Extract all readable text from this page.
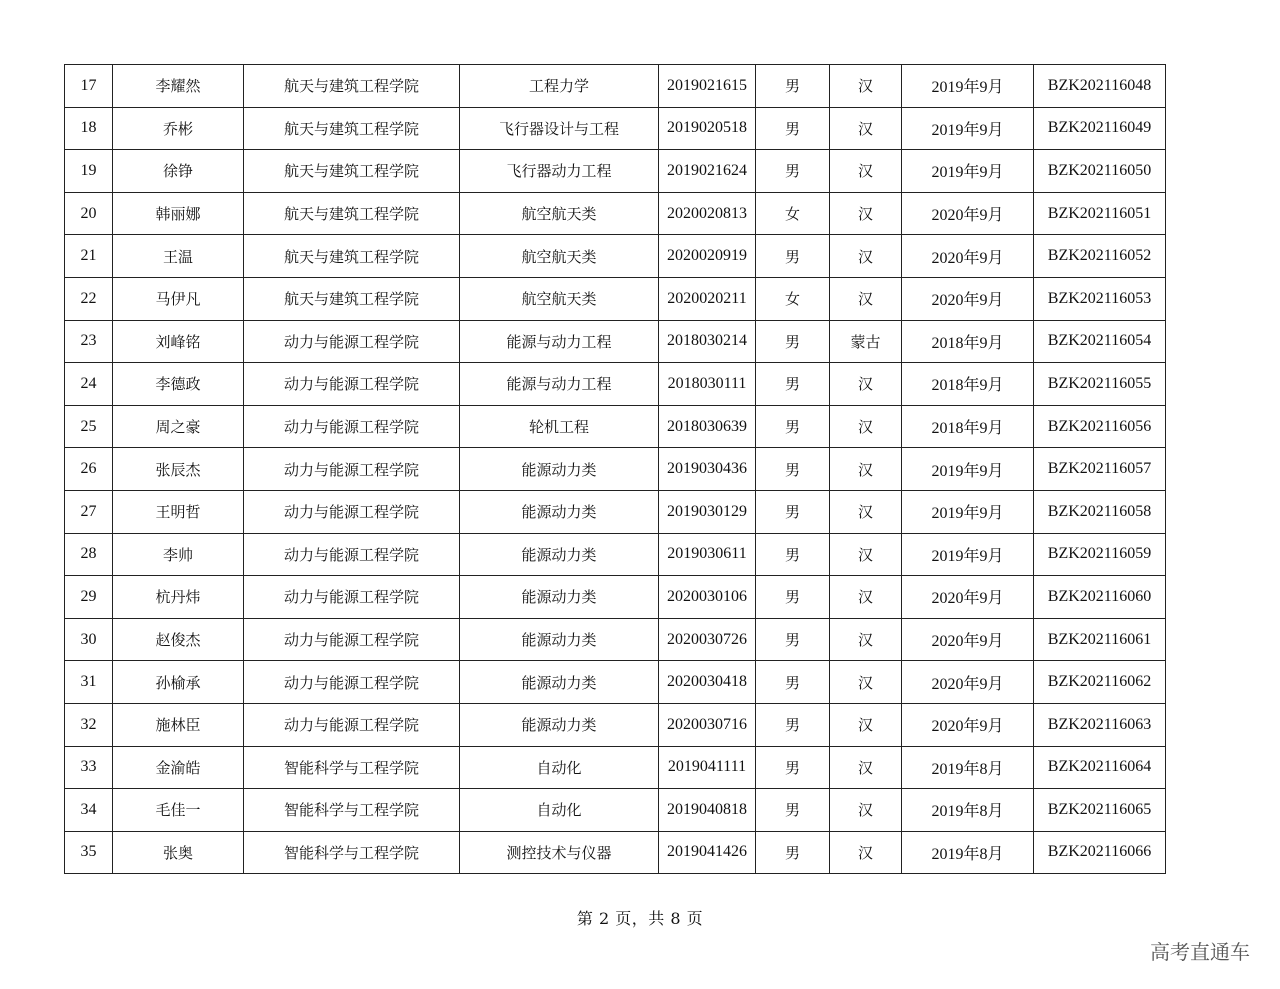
17	李耀然	航天与建筑工程学院	工程力学	2019021615	男	汉	2019年9月	BZK202116048
18	乔彬	航天与建筑工程学院	飞行器设计与工程	2019020518	男	汉	2019年9月	BZK202116049
19	徐铮	航天与建筑工程学院	飞行器动力工程	2019021624	男	汉	2019年9月	BZK202116050
20	韩丽娜	航天与建筑工程学院	航空航天类	2020020813	女	汉	2020年9月	BZK202116051
21	王温	航天与建筑工程学院	航空航天类	2020020919	男	汉	2020年9月	BZK202116052
22	马伊凡	航天与建筑工程学院	航空航天类	2020020211	女	汉	2020年9月	BZK202116053
23	刘峰铭	动力与能源工程学院	能源与动力工程	2018030214	男	蒙古	2018年9月	BZK202116054
24	李德政	动力与能源工程学院	能源与动力工程	2018030111	男	汉	2018年9月	BZK202116055
25	周之豪	动力与能源工程学院	轮机工程	2018030639	男	汉	2018年9月	BZK202116056
26	张辰杰	动力与能源工程学院	能源动力类	2019030436	男	汉	2019年9月	BZK202116057
27	王明哲	动力与能源工程学院	能源动力类	2019030129	男	汉	2019年9月	BZK202116058
28	李帅	动力与能源工程学院	能源动力类	2019030611	男	汉	2019年9月	BZK202116059
29	杭丹炜	动力与能源工程学院	能源动力类	2020030106	男	汉	2020年9月	BZK202116060
30	赵俊杰	动力与能源工程学院	能源动力类	2020030726	男	汉	2020年9月	BZK202116061
31	孙榆承	动力与能源工程学院	能源动力类	2020030418	男	汉	2020年9月	BZK202116062
32	施林臣	动力与能源工程学院	能源动力类	2020030716	男	汉	2020年9月	BZK202116063
33	金渝皓	智能科学与工程学院	自动化	2019041111	男	汉	2019年8月	BZK202116064
34	毛佳一	智能科学与工程学院	自动化	2019040818	男	汉	2019年8月	BZK202116065
35	张奥	智能科学与工程学院	测控技术与仪器	2019041426	男	汉	2019年8月	BZK202116066
第 2 页，共 8 页
高考直通车
